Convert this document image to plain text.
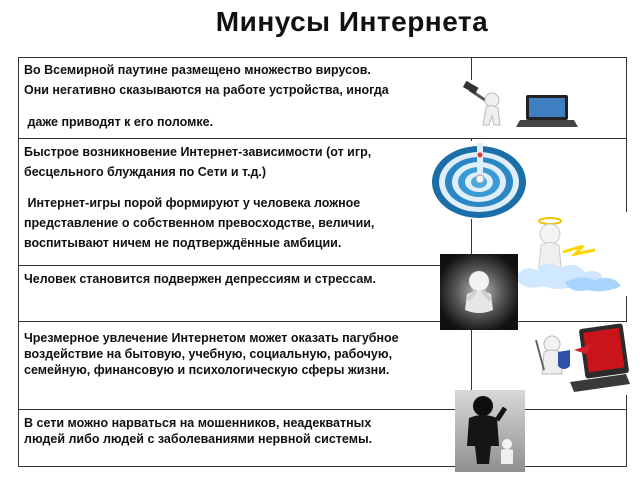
Минусы Интернета

Во Всемирной паутине размещено множество вирусов.

Они негативно сказываются на работе устройства, иногда

даже приводят к его поломке.

Быстрое возникновение Интернет-зависимости (от игр,

бесцельного блуждания по Сети и т.д.)

Интернет-игры порой формируют у человека ложное

представление о собственном превосходстве, величии,

воспитывают ничем не подтверждённые амбиции.

Человек становится подвержен депрессиям и стрессам.

Чрезмерное увлечение Интернетом может оказать пагубное

воздействие на бытовую, учебную, социальную, рабочую,

семейную, финансовую и психологическую сферы жизни.

В сети можно нарваться на мошенников, неадекватных

людей либо людей с заболеваниями нервной системы.
